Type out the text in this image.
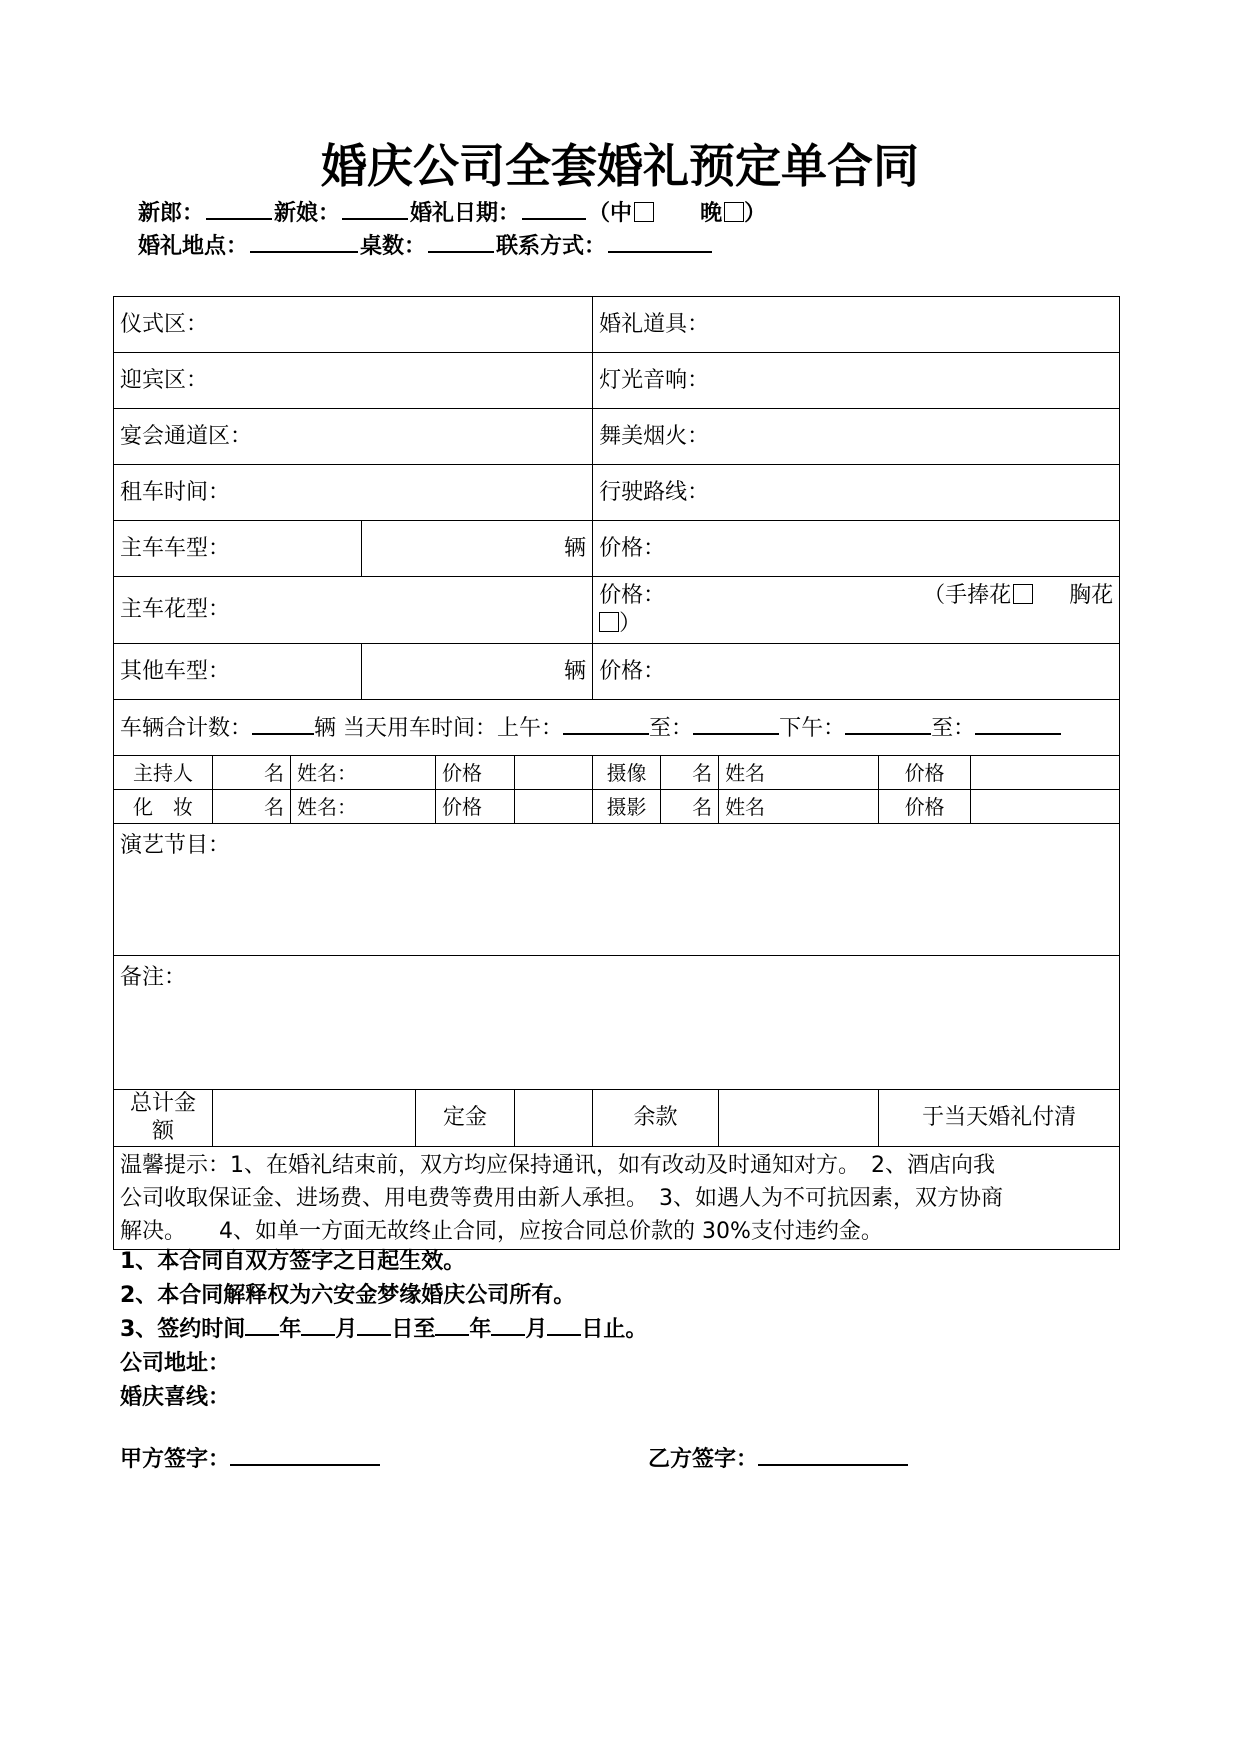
婚庆公司全套婚礼预定单合同
新郎：	新娘：	婚礼日期：	（中	晚 ）
婚礼地点：	桌数：	联系方式：
仪式区：							婚礼道具：				
迎宾区：							灯光音响：				
宴会通道区：							舞美烟火：				
租车时间：							行驶路线：				
主车车型：			辆				价格：				
主车花型：							价格： （手捧花 胸花
）				

其他车型：			辆				价格：				
车辆合计数： 辆 当天用车时间：上午： 至： 下午： 至：											
主持人	名	姓名：			价格		摄像	名	姓名	价格	
化　妆	名	姓名：			价格		摄影	名	姓名	价格	
演艺节目：											
备注：											
总计金额				定金			余款			于当天婚礼付清	

温馨提示：1、在婚礼结束前，双方均应保持通讯，如有改动及时通知对方。　2、酒店向我
公司收取保证金、进场费、用电费等费用由新人承担。　3、如遇人为不可抗因素，双方协商
解决。　　4、如单一方面无故终止合同，应按合同总价款的 30%支付违约金。											
1、本合同自双方签字之日起生效。
2、本合同解释权为六安金梦缘婚庆公司所有。
3、签约时间 年 月 日至 年 月 日止。
公司地址：
婚庆喜线：
甲方签字：	乙方签字：
